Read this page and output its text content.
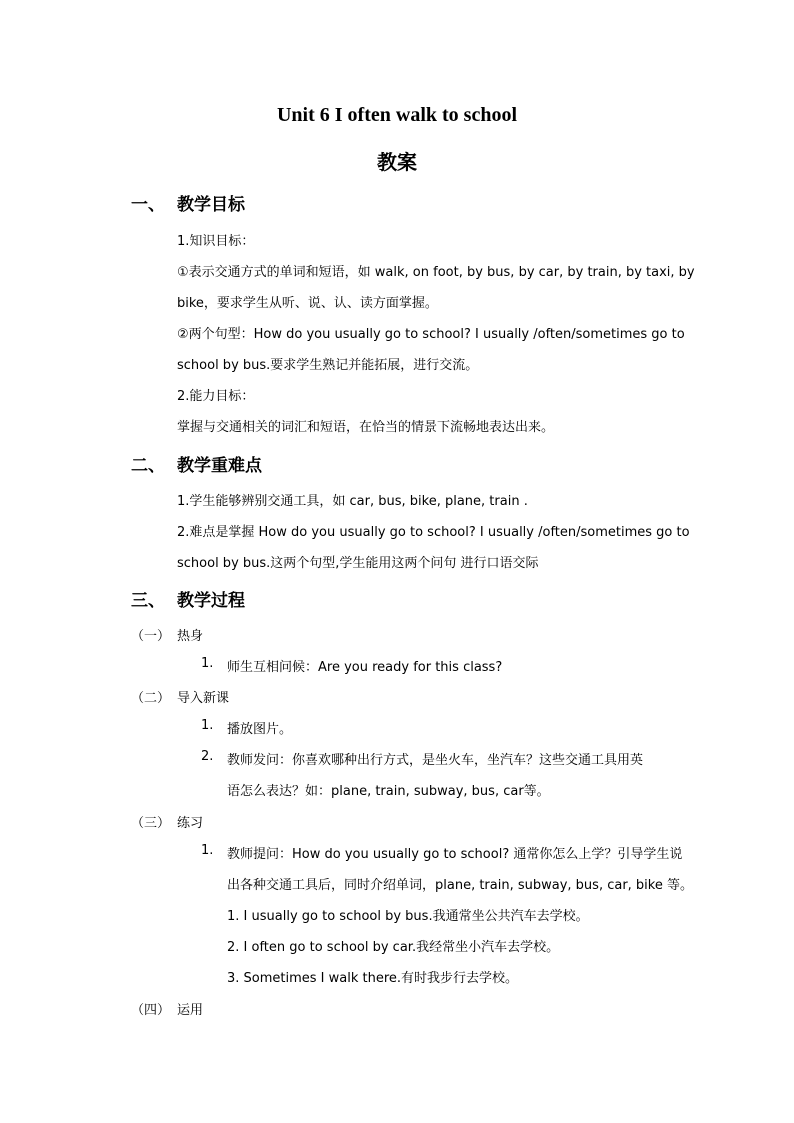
Unit 6 I often walk to school
教案
一、 教学目标
1.知识目标：
①表示交通方式的单词和短语，如 walk, on foot, by bus, by car, by train, by taxi, by
bike，要求学生从听、说、认、读方面掌握。
②两个句型：How do you usually go to school? I usually /often/sometimes go to
school by bus.要求学生熟记并能拓展，进行交流。
2.能力目标：
掌握与交通相关的词汇和短语，在恰当的情景下流畅地表达出来。
二、 教学重难点
1.学生能够辨别交通工具，如 car, bus, bike, plane, train .
2.难点是掌握 How do you usually go to school? I usually /often/sometimes go to
school by bus.这两个句型,学生能用这两个问句 进行口语交际
三、 教学过程
（一） 热身
1. 师生互相问候：Are you ready for this class?
（二） 导入新课
1. 播放图片。
2. 教师发问：你喜欢哪种出行方式，是坐火车，坐汽车？这些交通工具用英
语怎么表达？如：plane, train, subway, bus, car等。
（三） 练习
1. 教师提问：How do you usually go to school? 通常你怎么上学？引导学生说
出各种交通工具后，同时介绍单词，plane, train, subway, bus, car, bike 等。
1. I usually go to school by bus.我通常坐公共汽车去学校。
2. I often go to school by car.我经常坐小汽车去学校。
3. Sometimes I walk there.有时我步行去学校。
（四） 运用
